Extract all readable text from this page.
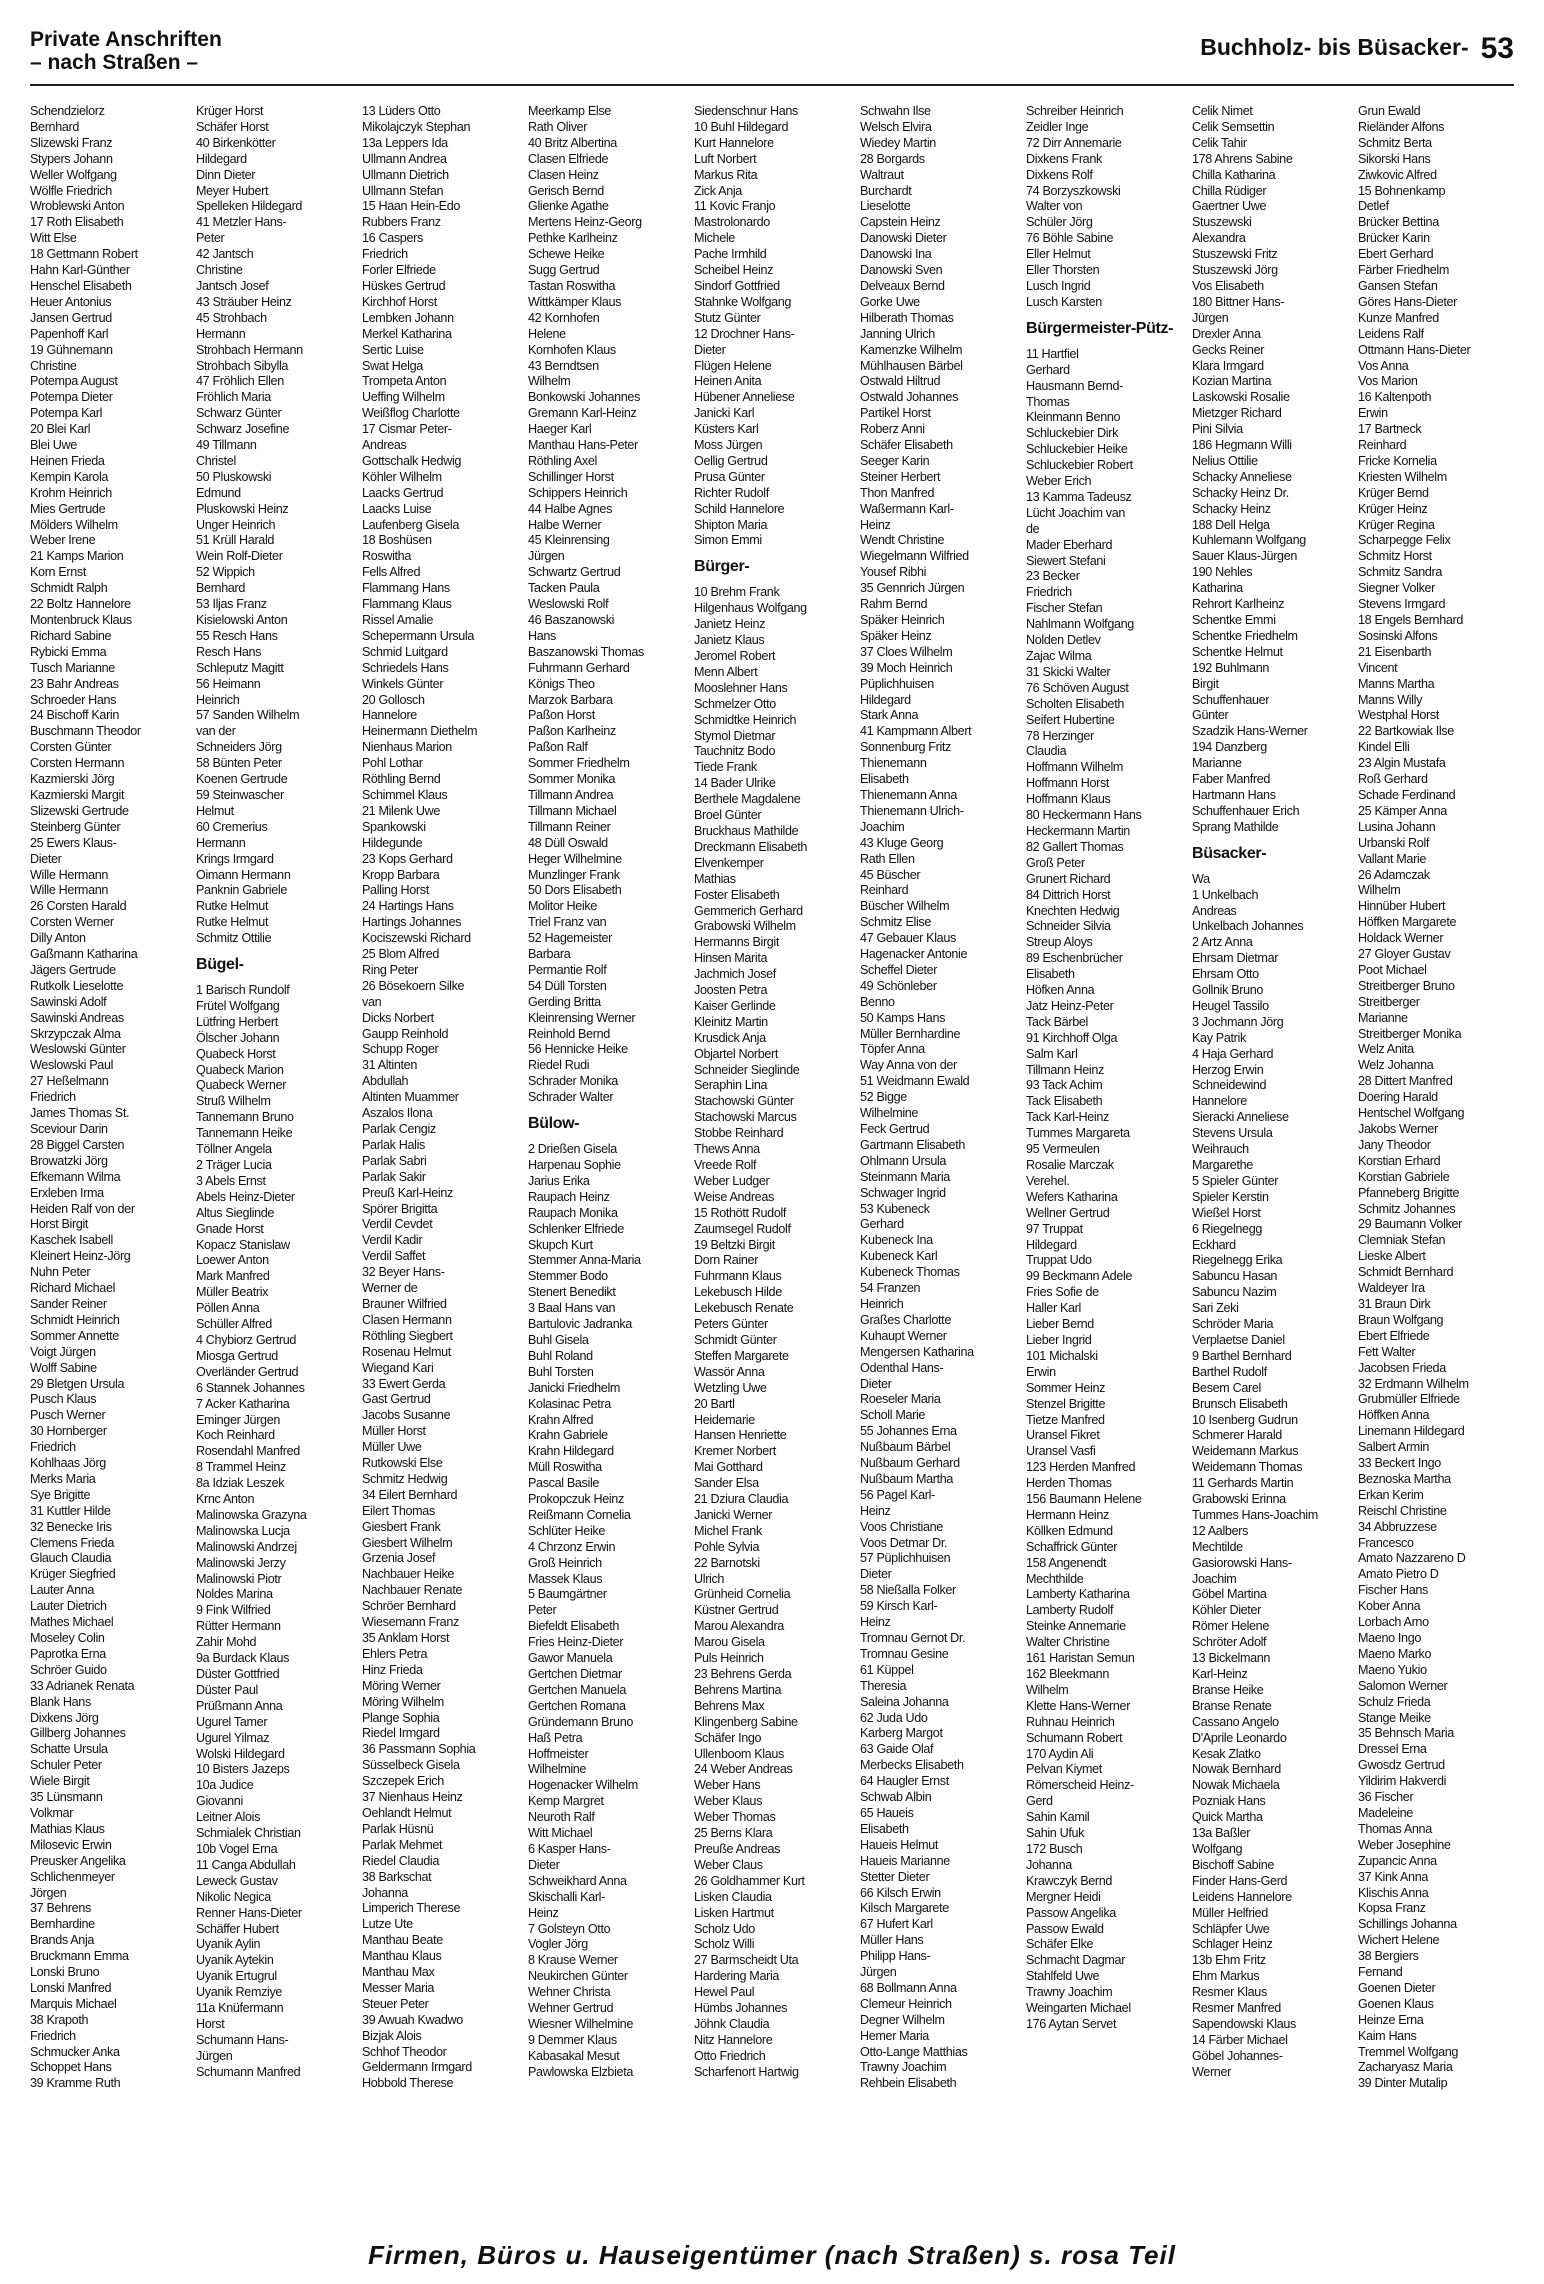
Private Anschriften
– nach Straßen –
Buchholz- bis Büsacker- 53
Schendzielorz
Bernhard
Slizewski Franz
Stypers Johann
Weller Wolfgang
Wölfle Friedrich
Wroblewski Anton
17 Roth Elisabeth
Witt Else
18 Gettmann Robert
Hahn Karl-Günther
Henschel Elisabeth
Heuer Antonius
Jansen Gertrud
Papenhoff Karl
19 Gühnemann
Christine
Potempa August
Potempa Dieter
Potempa Karl
20 Blei Karl
Blei Uwe
Heinen Frieda
Kempin Karola
Krohm Heinrich
Mies Gertrude
Mölders Wilhelm
Weber Irene
21 Kamps Marion
Korn Ernst
Schmidt Ralph
22 Boltz Hannelore
Montenbruck Klaus
Richard Sabine
Rybicki Emma
Tusch Marianne
23 Bahr Andreas
Schroeder Hans
24 Bischoff Karin
Buschmann Theodor
Corsten Günter
Corsten Hermann
Kazmierski Jörg
Kazmierski Margit
Slizewski Gertrude
Steinberg Günter
25 Ewers Klaus-
Dieter
Wille Hermann
Wille Hermann
26 Corsten Harald
Corsten Werner
Dilly Anton
Gaßmann Katharina
Jägers Gertrude
Rutkolk Lieselotte
Sawinski Adolf
Sawinski Andreas
Skrzypczak Alma
Weslowski Günter
Weslowski Paul
27 Heßelmann
Friedrich
James Thomas St.
Sceviour Darin
28 Biggel Carsten
Browatzki Jörg
Efkemann Wilma
Erxleben Irma
Heiden Ralf von der
Horst Birgit
Kaschek Isabell
Kleinert Heinz-Jörg
Nuhn Peter
Richard Michael
Sander Reiner
Schmidt Heinrich
Sommer Annette
Voigt Jürgen
Wolff Sabine
29 Bletgen Ursula
Pusch Klaus
Pusch Werner
30 Hornberger
Friedrich
Kohlhaas Jörg
Merks Maria
Sye Brigitte
31 Kuttler Hilde
32 Benecke Iris
Clemens Frieda
Glauch Claudia
Krüger Siegfried
Lauter Anna
Lauter Dietrich
Mathes Michael
Moseley Colin
Paprotka Erna
Schröer Guido
33 Adrianek Renata
Blank Hans
Dixkens Jörg
Gillberg Johannes
Schatte Ursula
Schuler Peter
Wiele Birgit
35 Lünsmann
Volkmar
Mathias Klaus
Milosevic Erwin
Preusker Angelika
Schlichenmeyer
Jörgen
37 Behrens
Bernhardine
Brands Anja
Bruckmann Emma
Lonski Bruno
Lonski Manfred
Marquis Michael
38 Krapoth
Friedrich
Schmucker Anka
Schoppet Hans
39 Kramme Ruth
Krüger Horst
Schäfer Horst
40 Birkenkötter
Hildegard
Dinn Dieter
Meyer Hubert
Spelleken Hildegard
41 Metzler Hans-
Peter
42 Jantsch
Christine
Jantsch Josef
43 Sträuber Heinz
45 Strohbach
Hermann
Strohbach Hermann
Strohbach Sibylla
47 Fröhlich Ellen
Fröhlich Maria
Schwarz Günter
Schwarz Josefine
49 Tillmann
Christel
50 Pluskowski
Edmund
Pluskowski Heinz
Unger Heinrich
51 Krüll Harald
Wein Rolf-Dieter
52 Wippich
Bernhard
53 Iljas Franz
Kisielowski Anton
55 Resch Hans
Resch Hans
Schleputz Magitt
56 Heimann
Heinrich
57 Sanden Wilhelm
van der
Schneiders Jörg
58 Bünten Peter
Koenen Gertrude
59 Steinwascher
Helmut
60 Cremerius
Hermann
Krings Irmgard
Oimann Hermann
Panknin Gabriele
Rutke Helmut
Rutke Helmut
Schmitz Ottilie
Bügel-
1 Barisch Rundolf
Frütel Wolfgang
Lütfring Herbert
Ölscher Johann
Quabeck Horst
Quabeck Marion
Quabeck Werner
Struß Wilhelm
Tannemann Bruno
Tannemann Heike
Töllner Angela
2 Träger Lucia
3 Abels Ernst
Abels Heinz-Dieter
Altus Sieglinde
Gnade Horst
Kopacz Stanislaw
Loewer Anton
Mark Manfred
Müller Beatrix
Pöllen Anna
Schüller Alfred
4 Chybiorz Gertrud
Miosga Gertrud
Overländer Gertrud
6 Stannek Johannes
7 Acker Katharina
Eminger Jürgen
Koch Reinhard
Rosendahl Manfred
8 Trammel Heinz
8a Idziak Leszek
Krnc Anton
Malinowska Grazyna
Malinowska Lucja
Malinowski Andrzej
Malinowski Jerzy
Malinowski Piotr
Noldes Marina
9 Fink Wilfried
Rütter Hermann
Zahir Mohd
9a Burdack Klaus
Düster Gottfried
Düster Paul
Prüßmann Anna
Ugurel Tamer
Ugurel Yilmaz
Wolski Hildegard
10 Bisters Jazeps
10a Judice
Giovanni
Leitner Alois
Schmialek Christian
10b Vogel Erna
11 Canga Abdullah
Leweck Gustav
Nikolic Negica
Renner Hans-Dieter
Schäffer Hubert
Uyanik Aylin
Uyanik Aytekin
Uyanik Ertugrul
Uyanik Remziye
11a Knüfermann
Horst
Schumann Hans-
Jürgen
Schumann Manfred
13 Lüders Otto
Mikolajczyk Stephan
13a Leppers Ida
Ullmann Andrea
Ullmann Dietrich
Ullmann Stefan
15 Haan Hein-Edo
Rubbers Franz
16 Caspers
Friedrich
Forler Elfriede
Hüskes Gertrud
Kirchhof Horst
Lembken Johann
Merkel Katharina
Sertic Luise
Swat Helga
Trompeta Anton
Ueffing Wilhelm
Weißflog Charlotte
17 Cismar Peter-
Andreas
Gottschalk Hedwig
Köhler Wilhelm
Laacks Gertrud
Laacks Luise
Laufenberg Gisela
18 Boshüsen
Roswitha
Fells Alfred
Flammang Hans
Flammang Klaus
Rissel Amalie
Schepermann Ursula
Schmid Luitgard
Schriedels Hans
Winkels Günter
20 Gollosch
Hannelore
Heinermann Diethelm
Nienhaus Marion
Pohl Lothar
Röthling Bernd
Schimmel Klaus
21 Milenk Uwe
Spankowski
Hildegunde
23 Kops Gerhard
Kropp Barbara
Palling Horst
24 Hartings Hans
Hartings Johannes
Kociszewski Richard
25 Blom Alfred
Ring Peter
26 Bösekoern Silke
van
Dicks Norbert
Gaupp Reinhold
Schupp Roger
31 Altinten
Abdullah
Altinten Muammer
Aszalos Ilona
Parlak Cengiz
Parlak Halis
Parlak Sabri
Parlak Sakir
Preuß Karl-Heinz
Spörer Brigitta
Verdil Cevdet
Verdil Kadir
Verdil Saffet
32 Beyer Hans-
Werner de
Brauner Wilfried
Clasen Hermann
Röthling Siegbert
Rosenau Helmut
Wiegand Kari
33 Ewert Gerda
Gast Gertrud
Jacobs Susanne
Müller Horst
Müller Uwe
Rutkowski Else
Schmitz Hedwig
34 Eilert Bernhard
Eilert Thomas
Giesbert Frank
Giesbert Wilhelm
Grzenia Josef
Nachbauer Heike
Nachbauer Renate
Schröer Bernhard
Wiesemann Franz
35 Anklam Horst
Ehlers Petra
Hinz Frieda
Möring Werner
Möring Wilhelm
Plange Sophia
Riedel Irmgard
36 Passmann Sophia
Süsselbeck Gisela
Szczepek Erich
37 Nienhaus Heinz
Oehlandt Helmut
Parlak Hüsnü
Parlak Mehmet
Riedel Claudia
38 Barkschat
Johanna
Limperich Therese
Lutze Ute
Manthau Beate
Manthau Klaus
Manthau Max
Messer Maria
Steuer Peter
39 Awuah Kwadwo
Bizjak Alois
Schhof Theodor
Geldermann Irmgard
Hobbold Therese
Meerkamp Else
Rath Oliver
40 Britz Albertina
Clasen Elfriede
Clasen Heinz
Gerisch Bernd
Glienke Agathe
Mertens Heinz-Georg
Pethke Karlheinz
Schewe Heike
Sugg Gertrud
Tastan Roswitha
Wittkämper Klaus
42 Kornhofen
Helene
Kornhofen Klaus
43 Berndtsen
Wilhelm
Bonkowski Johannes
Gremann Karl-Heinz
Haeger Karl
Manthau Hans-Peter
Röthling Axel
Schillinger Horst
Schippers Heinrich
44 Halbe Agnes
Halbe Werner
45 Kleinrensing
Jürgen
Schwartz Gertrud
Tacken Paula
Weslowski Rolf
46 Baszanowski
Hans
Baszanowski Thomas
Fuhrmann Gerhard
Königs Theo
Marzok Barbara
Paßon Horst
Paßon Karlheinz
Paßon Ralf
Sommer Friedhelm
Sommer Monika
Tillmann Andrea
Tillmann Michael
Tillmann Reiner
48 Düll Oswald
Heger Wilhelmine
Munzlinger Frank
50 Dors Elisabeth
Molitor Heike
Triel Franz van
52 Hagemeister
Barbara
Permantie Rolf
54 Düll Torsten
Gerding Britta
Kleinrensing Werner
Reinhold Bernd
56 Hennicke Heike
Riedel Rudi
Schrader Monika
Schrader Walter
Bülow-
2 Drießen Gisela
Harpenau Sophie
Jarius Erika
Raupach Heinz
Raupach Monika
Schlenker Elfriede
Skupch Kurt
Stemmer Anna-Maria
Stemmer Bodo
Stenert Benedikt
3 Baal Hans van
Bartulovic Jadranka
Buhl Gisela
Buhl Roland
Buhl Torsten
Janicki Friedhelm
Kolasinac Petra
Krahn Alfred
Krahn Gabriele
Krahn Hildegard
Müll Roswitha
Pascal Basile
Prokopczuk Heinz
Reißmann Cornelia
Schlüter Heike
4 Chrzonz Erwin
Groß Heinrich
Massek Klaus
5 Baumgärtner
Peter
Biefeldt Elisabeth
Fries Heinz-Dieter
Gawor Manuela
Gertchen Dietmar
Gertchen Manuela
Gertchen Romana
Gründemann Bruno
Haß Petra
Hoffmeister
Wilhelmine
Hogenacker Wilhelm
Kemp Margret
Neuroth Ralf
Witt Michael
6 Kasper Hans-
Dieter
Schweikhard Anna
Skischalli Karl-
Heinz
7 Golsteyn Otto
Vogler Jörg
8 Krause Werner
Neukirchen Günter
Wehner Christa
Wehner Gertrud
Wiesner Wilhelmine
9 Demmer Klaus
Kabasakal Mesut
Pawlowska Elzbieta
Siedenschnur Hans
10 Buhl Hildegard
Kurt Hannelore
Luft Norbert
Markus Rita
Zick Anja
11 Kovic Franjo
Mastrolonardo
Michele
Pache Irmhild
Scheibel Heinz
Sindorf Gottfried
Stahnke Wolfgang
Stutz Günter
12 Drochner Hans-
Dieter
Flügen Helene
Heinen Anita
Hübener Anneliese
Janicki Karl
Küsters Karl
Moss Jürgen
Oellig Gertrud
Prusa Günter
Richter Rudolf
Schild Hannelore
Shipton Maria
Simon Emmi
Bürger-
10 Brehm Frank
Hilgenhaus Wolfgang
Janietz Heinz
Janietz Klaus
Jeromel Robert
Menn Albert
Mooslehner Hans
Schmelzer Otto
Schmidtke Heinrich
Stymol Dietmar
Tauchnitz Bodo
Tiede Frank
14 Bader Ulrike
Berthele Magdalene
Broel Günter
Bruckhaus Mathilde
Dreckmann Elisabeth
Elvenkemper
Mathias
Foster Elisabeth
Gemmerich Gerhard
Grabowski Wilhelm
Hermanns Birgit
Hinsen Marita
Jachmich Josef
Joosten Petra
Kaiser Gerlinde
Kleinitz Martin
Krusdick Anja
Objartel Norbert
Schneider Sieglinde
Seraphin Lina
Stachowski Günter
Stachowski Marcus
Stobbe Reinhard
Thews Anna
Vreede Rolf
Weber Ludger
Weise Andreas
15 Rothött Rudolf
Zaumsegel Rudolf
19 Beltzki Birgit
Dorn Rainer
Fuhrmann Klaus
Lekebusch Hilde
Lekebusch Renate
Peters Günter
Schmidt Günter
Steffen Margarete
Wassör Anna
Wetzling Uwe
20 Bartl
Heidemarie
Hansen Henriette
Kremer Norbert
Mai Gotthard
Sander Elsa
21 Dziura Claudia
Janicki Werner
Michel Frank
Pohle Sylvia
22 Barnotski
Ulrich
Grünheid Cornelia
Küstner Gertrud
Marou Alexandra
Marou Gisela
Puls Heinrich
23 Behrens Gerda
Behrens Martina
Behrens Max
Klingenberg Sabine
Schäfer Ingo
Ullenboom Klaus
24 Weber Andreas
Weber Hans
Weber Klaus
Weber Thomas
25 Berns Klara
Preuße Andreas
Weber Claus
26 Goldhammer Kurt
Lisken Claudia
Lisken Hartmut
Scholz Udo
Scholz Willi
27 Barmscheidt Uta
Hardering Maria
Hewel Paul
Hümbs Johannes
Jöhnk Claudia
Nitz Hannelore
Otto Friedrich
Scharfenort Hartwig
Schwahn Ilse
Welsch Elvira
Wiedey Martin
28 Borgards
Waltraut
Burchardt
Lieselotte
Capstein Heinz
Danowski Dieter
Danowski Ina
Danowski Sven
Delveaux Bernd
Gorke Uwe
Hilberath Thomas
Janning Ulrich
Kamenzke Wilhelm
Mühlhausen Bärbel
Ostwald Hiltrud
Ostwald Johannes
Partikel Horst
Roberz Anni
Schäfer Elisabeth
Seeger Karin
Steiner Herbert
Thon Manfred
Waßermann Karl-
Heinz
Wendt Christine
Wiegelmann Wilfried
Yousef Ribhi
35 Gennrich Jürgen
Rahm Bernd
Späker Heinrich
Späker Heinz
37 Cloes Wilhelm
39 Moch Heinrich
Püplichhuisen
Hildegard
Stark Anna
41 Kampmann Albert
Sonnenburg Fritz
Thienemann
Elisabeth
Thienemann Anna
Thienemann Ulrich-
Joachim
43 Kluge Georg
Rath Ellen
45 Büscher
Reinhard
Büscher Wilhelm
Schmitz Elise
47 Gebauer Klaus
Hagenacker Antonie
Scheffel Dieter
49 Schönleber
Benno
50 Kamps Hans
Müller Bernhardine
Töpfer Anna
Way Anna von der
51 Weidmann Ewald
52 Bigge
Wilhelmine
Feck Gertrud
Gartmann Elisabeth
Ohlmann Ursula
Steinmann Maria
Schwager Ingrid
53 Kubeneck
Gerhard
Kubeneck Ina
Kubeneck Karl
Kubeneck Thomas
54 Franzen
Heinrich
Graßes Charlotte
Kuhaupt Werner
Mengersen Katharina
Odenthal Hans-
Dieter
Roeseler Maria
Scholl Marie
55 Johannes Erna
Nußbaum Bärbel
Nußbaum Gerhard
Nußbaum Martha
56 Pagel Karl-
Heinz
Voos Christiane
Voos Detmar Dr.
57 Püplichhuisen
Dieter
58 Nießalla Folker
59 Kirsch Karl-
Heinz
Tromnau Gernot Dr.
Tromnau Gesine
61 Küppel
Theresia
Saleina Johanna
62 Juda Udo
Karberg Margot
63 Gaide Olaf
Merbecks Elisabeth
64 Haugler Ernst
Schwab Albin
65 Haueis
Elisabeth
Haueis Helmut
Haueis Marianne
Stetter Dieter
66 Kilsch Erwin
Kilsch Margarete
67 Hufert Karl
Müller Hans
Philipp Hans-
Jürgen
68 Bollmann Anna
Clemeur Heinrich
Degner Wilhelm
Hemer Maria
Otto-Lange Matthias
Trawny Joachim
Rehbein Elisabeth
Schreiber Heinrich
Zeidler Inge
72 Dirr Annemarie
Dixkens Frank
Dixkens Rolf
74 Borzyszkowski
Walter von
Schüler Jörg
76 Böhle Sabine
Eller Helmut
Eller Thorsten
Lusch Ingrid
Lusch Karsten
Bürgermeister-Pütz-
11 Hartfiel
Gerhard
Hausmann Bernd-
Thomas
Kleinmann Benno
Schluckebier Dirk
Schluckebier Heike
Schluckebier Robert
Weber Erich
13 Kamma Tadeusz
Lücht Joachim van
de
Mader Eberhard
Siewert Stefani
23 Becker
Friedrich
Fischer Stefan
Nahlmann Wolfgang
Nolden Detlev
Zajac Wilma
31 Skicki Walter
76 Schöven August
Scholten Elisabeth
Seifert Hubertine
78 Herzinger
Claudia
Hoffmann Wilhelm
Hoffmann Horst
Hoffmann Klaus
80 Heckermann Hans
Heckermann Martin
82 Gallert Thomas
Groß Peter
Grunert Richard
84 Dittrich Horst
Knechten Hedwig
Schneider Silvia
Streup Aloys
89 Eschenbrücher
Elisabeth
Höfken Anna
Jatz Heinz-Peter
Tack Bärbel
91 Kirchhoff Olga
Salm Karl
Tillmann Heinz
93 Tack Achim
Tack Elisabeth
Tack Karl-Heinz
Tummes Margareta
95 Vermeulen
Rosalie Marczak
Verehel.
Wefers Katharina
Wellner Gertrud
97 Truppat
Hildegard
Truppat Udo
99 Beckmann Adele
Fries Sofie de
Haller Karl
Lieber Bernd
Lieber Ingrid
101 Michalski
Erwin
Sommer Heinz
Stenzel Brigitte
Tietze Manfred
Uransel Fikret
Uransel Vasfi
123 Herden Manfred
Herden Thomas
156 Baumann Helene
Hermann Heinz
Köllken Edmund
Schaffrick Günter
158 Angenendt
Mechthilde
Lamberty Katharina
Lamberty Rudolf
Steinke Annemarie
Walter Christine
161 Haristan Semun
162 Bleekmann
Wilhelm
Klette Hans-Werner
Ruhnau Heinrich
Schumann Robert
170 Aydin Ali
Pelvan Kiymet
Römerscheid Heinz-
Gerd
Sahin Kamil
Sahin Ufuk
172 Busch
Johanna
Krawczyk Bernd
Mergner Heidi
Passow Angelika
Passow Ewald
Schäfer Elke
Schmacht Dagmar
Stahlfeld Uwe
Trawny Joachim
Weingarten Michael
176 Aytan Servet
Celik Nimet
Celik Semsettin
Celik Tahir
178 Ahrens Sabine
Chilla Katharina
Chilla Rüdiger
Gaertner Uwe
Stuszewski
Alexandra
Stuszewski Fritz
Stuszewski Jörg
Vos Elisabeth
180 Bittner Hans-
Jürgen
Drexler Anna
Gecks Reiner
Klara Irmgard
Kozian Martina
Laskowski Rosalie
Mietzger Richard
Pini Silvia
186 Hegmann Willi
Nelius Ottilie
Schacky Anneliese
Schacky Heinz Dr.
Schacky Heinz
188 Dell Helga
Kuhlemann Wolfgang
Sauer Klaus-Jürgen
190 Nehles
Katharina
Rehrort Karlheinz
Schentke Emmi
Schentke Friedhelm
Schentke Helmut
192 Buhlmann
Birgit
Schuffenhauer
Günter
Szadzik Hans-Werner
194 Danzberg
Marianne
Faber Manfred
Hartmann Hans
Schuffenhauer Erich
Sprang Mathilde
Büsacker-
Wa
1 Unkelbach
Andreas
Unkelbach Johannes
2 Artz Anna
Ehrsam Dietmar
Ehrsam Otto
Gollnik Bruno
Heugel Tassilo
3 Jochmann Jörg
Kay Patrik
4 Haja Gerhard
Herzog Erwin
Schneidewind
Hannelore
Sieracki Anneliese
Stevens Ursula
Weihrauch
Margarethe
5 Spieler Günter
Spieler Kerstin
Wießel Horst
6 Riegelnegg
Eckhard
Riegelnegg Erika
Sabuncu Hasan
Sabuncu Nazim
Sari Zeki
Schröder Maria
Verplaetse Daniel
9 Barthel Bernhard
Barthel Rudolf
Besem Carel
Brunsch Elisabeth
10 Isenberg Gudrun
Schmerer Harald
Weidemann Markus
Weidemann Thomas
11 Gerhards Martin
Grabowski Erinna
Tummes Hans-Joachim
12 Aalbers
Mechtilde
Gasiorowski Hans-
Joachim
Göbel Martina
Köhler Dieter
Römer Helene
Schröter Adolf
13 Bickelmann
Karl-Heinz
Branse Heike
Branse Renate
Cassano Angelo
D'Aprile Leonardo
Kesak Zlatko
Nowak Bernhard
Nowak Michaela
Pozniak Hans
Quick Martha
13a Baßler
Wolfgang
Bischoff Sabine
Finder Hans-Gerd
Leidens Hannelore
Müller Helfried
Schläpfer Uwe
Schlager Heinz
13b Ehm Fritz
Ehm Markus
Resmer Klaus
Resmer Manfred
Sapendowski Klaus
14 Färber Michael
Göbel Johannes-
Werner
Grun Ewald
Rieländer Alfons
Schmitz Berta
Sikorski Hans
Ziwkovic Alfred
15 Bohnenkamp
Detlef
Brücker Bettina
Brücker Karin
Ebert Gerhard
Färber Friedhelm
Gansen Stefan
Göres Hans-Dieter
Kunze Manfred
Leidens Ralf
Ottmann Hans-Dieter
Vos Anna
Vos Marion
16 Kaltenpoth
Erwin
17 Bartneck
Reinhard
Fricke Kornelia
Kriesten Wilhelm
Krüger Bernd
Krüger Heinz
Krüger Regina
Scharpegge Felix
Schmitz Horst
Schmitz Sandra
Siegner Volker
Stevens Irmgard
18 Engels Bernhard
Sosinski Alfons
21 Eisenbarth
Vincent
Manns Martha
Manns Willy
Westphal Horst
22 Bartkowiak Ilse
Kindel Elli
23 Algin Mustafa
Roß Gerhard
Schade Ferdinand
25 Kämper Anna
Lusina Johann
Urbanski Rolf
Vallant Marie
26 Adamczak
Wilhelm
Hinnüber Hubert
Höffken Margarete
Holdack Werner
27 Gloyer Gustav
Poot Michael
Streitberger Bruno
Streitberger
Marianne
Streitberger Monika
Welz Anita
Welz Johanna
28 Dittert Manfred
Doering Harald
Hentschel Wolfgang
Jakobs Werner
Jany Theodor
Korstian Erhard
Korstian Gabriele
Pfanneberg Brigitte
Schmitz Johannes
29 Baumann Volker
Clemniak Stefan
Lieske Albert
Schmidt Bernhard
Waldeyer Ira
31 Braun Dirk
Braun Wolfgang
Ebert Elfriede
Fett Walter
Jacobsen Frieda
32 Erdmann Wilhelm
Grubmüller Elfriede
Höffken Anna
Linemann Hildegard
Salbert Armin
33 Beckert Ingo
Beznoska Martha
Erkan Kerim
Reischl Christine
34 Abbruzzese
Francesco
Amato Nazzareno D
Amato Pietro D
Fischer Hans
Kober Anna
Lorbach Arno
Maeno Ingo
Maeno Marko
Maeno Yukio
Salomon Werner
Schulz Frieda
Stange Meike
35 Behnsch Maria
Dressel Erna
Gwosdz Gertrud
Yildirim Hakverdi
36 Fischer
Madeleine
Thomas Anna
Weber Josephine
Zupancic Anna
37 Kink Anna
Klischis Anna
Kopsa Franz
Schillings Johanna
Wichert Helene
38 Bergiers
Fernand
Goenen Dieter
Goenen Klaus
Heinze Erna
Kaim Hans
Tremmel Wolfgang
Zacharyasz Maria
39 Dinter Mutalip
Firmen, Büros u. Hauseigentümer (nach Straßen) s. rosa Teil
